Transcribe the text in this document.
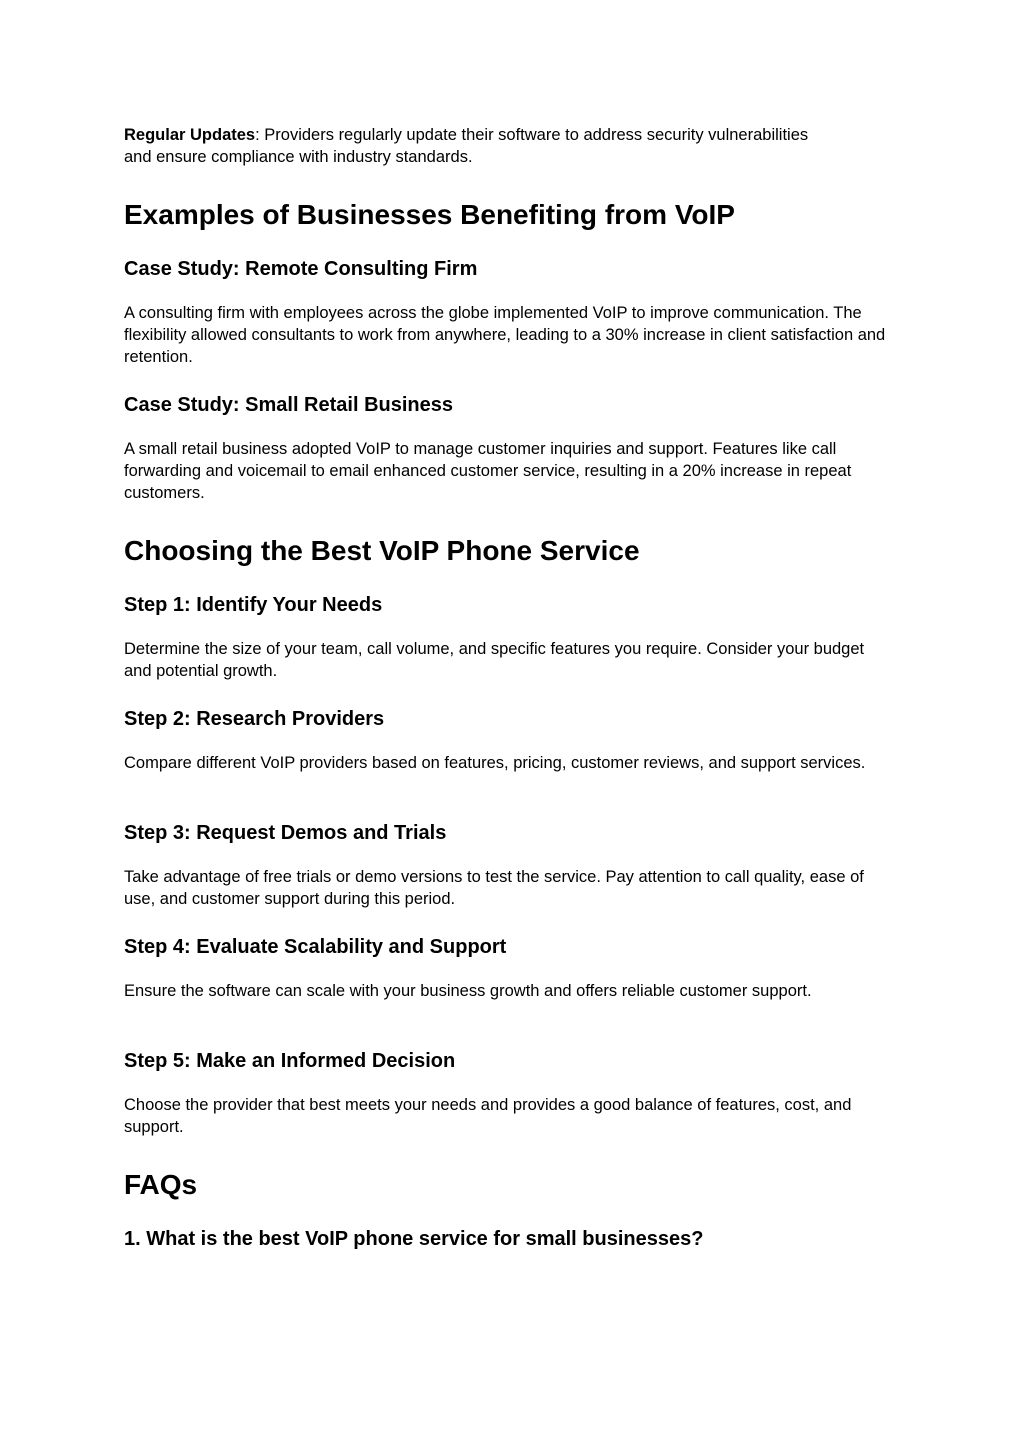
Regular Updates: Providers regularly update their software to address security vulnerabilities and ensure compliance with industry standards.

Examples of Businesses Benefiting from VoIP
Case Study: Remote Consulting Firm

A consulting firm with employees across the globe implemented VoIP to improve communication. The flexibility allowed consultants to work from anywhere, leading to a 30% increase in client satisfaction and retention.

Case Study: Small Retail Business

A small retail business adopted VoIP to manage customer inquiries and support. Features like call forwarding and voicemail to email enhanced customer service, resulting in a 20% increase in repeat customers.

Choosing the Best VoIP Phone Service
Step 1: Identify Your Needs

Determine the size of your team, call volume, and specific features you require. Consider your budget and potential growth.

Step 2: Research Providers

Compare different VoIP providers based on features, pricing, customer reviews, and support services.

Step 3: Request Demos and Trials

Take advantage of free trials or demo versions to test the service. Pay attention to call quality, ease of use, and customer support during this period.

Step 4: Evaluate Scalability and Support

Ensure the software can scale with your business growth and offers reliable customer support.

Step 5: Make an Informed Decision

Choose the provider that best meets your needs and provides a good balance of features, cost, and support.

FAQs
1. What is the best VoIP phone service for small businesses?
